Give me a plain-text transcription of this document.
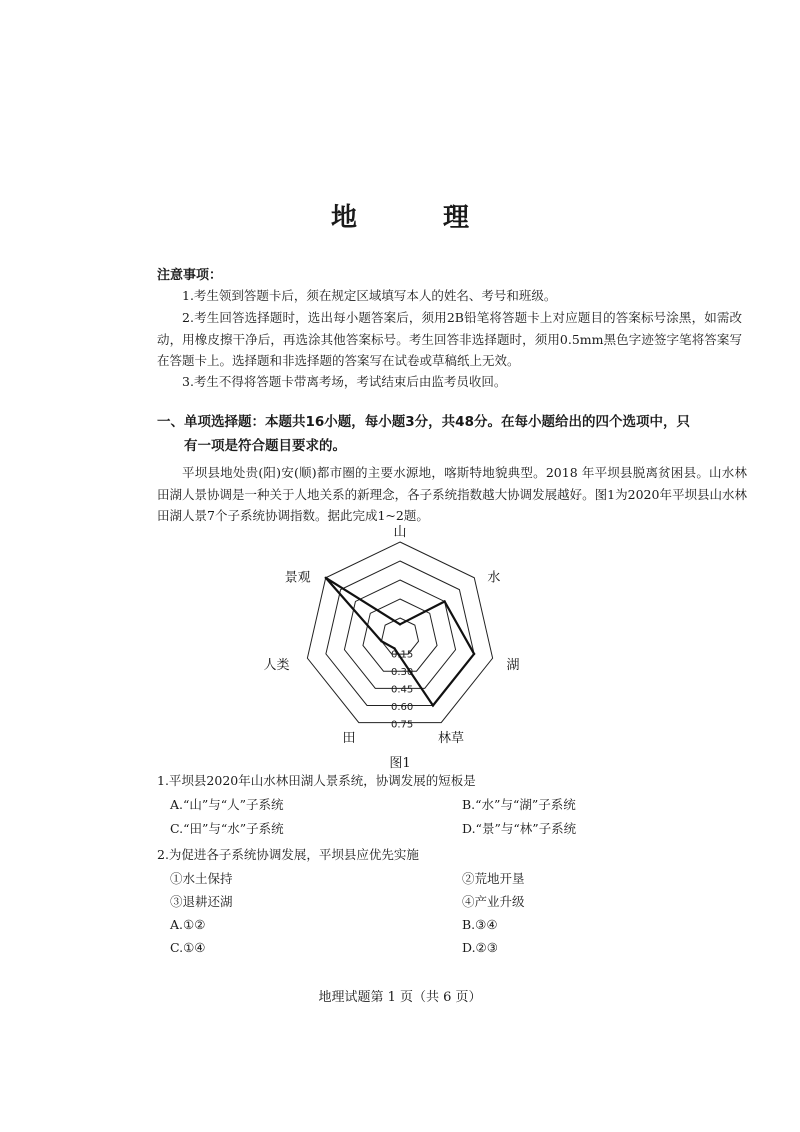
地　理
注意事项：
1.考生领到答题卡后，须在规定区域填写本人的姓名、考号和班级。
2.考生回答选择题时，选出每小题答案后，须用2B铅笔将答题卡上对应题目的答案标号涂黑，如需改动，用橡皮擦干净后，再选涂其他答案标号。考生回答非选择题时，须用0.5mm黑色字迹签字笔将答案写在答题卡上。选择题和非选择题的答案写在试卷或草稿纸上无效。
3.考生不得将答题卡带离考场，考试结束后由监考员收回。
一、单项选择题：本题共16小题，每小题3分，共48分。在每小题给出的四个选项中，只
有一项是符合题目要求的。
平坝县地处贵(阳)安(顺)都市圈的主要水源地，喀斯特地貌典型。2018 年平坝县脱离贫困县。山水林田湖人景协调是一种关于人地关系的新理念，各子系统指数越大协调发展越好。图1为2020年平坝县山水林田湖人景7个子系统协调指数。据此完成1~2题。
0.15
0.30
0.45
0.60
0.75
山
水
湖
林草
田
人类
景观
图1
1.平坝县2020年山水林田湖人景系统，协调发展的短板是
A.“山”与“人”子系统	B.“水”与“湖”子系统
C.“田”与“水”子系统	D.“景”与“林”子系统
2.为促进各子系统协调发展，平坝县应优先实施
①水土保持	②荒地开垦
③退耕还湖	④产业升级
A.①②	B.③④
C.①④	D.②③
地理试题第 1 页（共 6 页）
